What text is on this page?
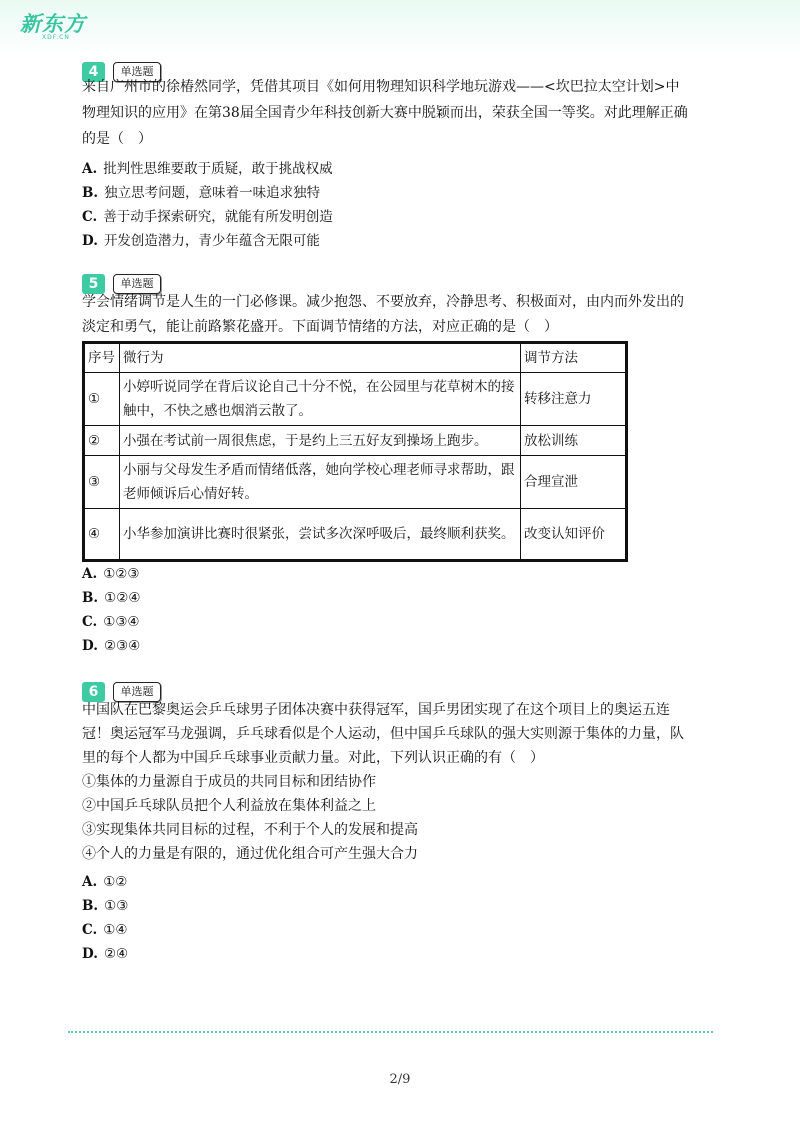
新东方
XDF.CN
4	单选题
来自广州市的徐椿然同学，凭借其项目《如何用物理知识科学地玩游戏——<坎巴拉太空计划>中
物理知识的应用》在第38届全国青少年科技创新大赛中脱颖而出，荣获全国一等奖。对此理解正确
的是（　）
A. 批判性思维要敢于质疑，敢于挑战权威
B. 独立思考问题，意味着一味追求独特
C. 善于动手探索研究，就能有所发明创造
D. 开发创造潜力，青少年蕴含无限可能
5	单选题
学会情绪调节是人生的一门必修课。减少抱怨、不要放弃，冷静思考、积极面对，由内而外发出的
淡定和勇气，能让前路繁花盛开。下面调节情绪的方法，对应正确的是（　）
序号	微行为	调节方法
①	小婷听说同学在背后议论自己十分不悦，在公园里与花草树木的接触中，不快之感也烟消云散了。	转移注意力
②	小强在考试前一周很焦虑，于是约上三五好友到操场上跑步。	放松训练
③	小丽与父母发生矛盾而情绪低落，她向学校心理老师寻求帮助，跟老师倾诉后心情好转。	合理宣泄
④	小华参加演讲比赛时很紧张，尝试多次深呼吸后，最终顺利获奖。	改变认知评价
A. ①②③
B. ①②④
C. ①③④
D. ②③④
6	单选题
中国队在巴黎奥运会乒乓球男子团体决赛中获得冠军，国乒男团实现了在这个项目上的奥运五连
冠！奥运冠军马龙强调，乒乓球看似是个人运动，但中国乒乓球队的强大实则源于集体的力量，队
里的每个人都为中国乒乓球事业贡献力量。对此，下列认识正确的有（　）
①集体的力量源自于成员的共同目标和团结协作
②中国乒乓球队员把个人利益放在集体利益之上
③实现集体共同目标的过程，不利于个人的发展和提高
④个人的力量是有限的，通过优化组合可产生强大合力
A. ①②
B. ①③
C. ①④
D. ②④
2/9
